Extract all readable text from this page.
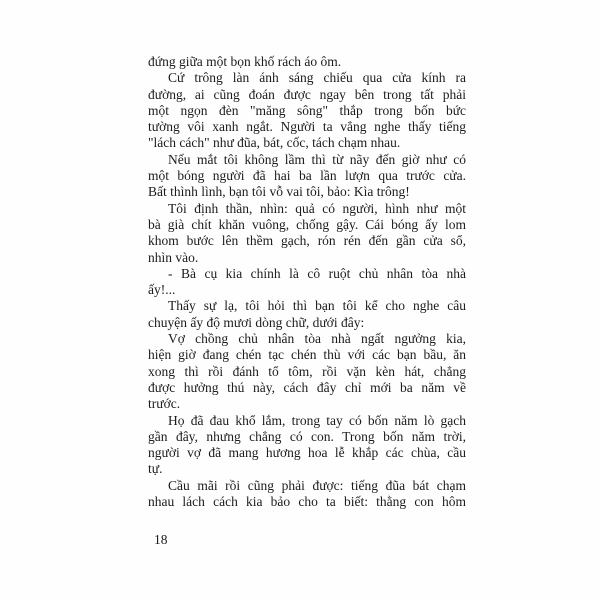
đứng giữa một bọn khố rách áo ôm.
Cứ trông làn ánh sáng chiếu qua cửa kính ra
đường, ai cũng đoán được ngay bên trong tất phải
một ngọn đèn "măng sông" thắp trong bốn bức
tường vôi xanh ngắt. Người ta vẳng nghe thấy tiếng
"lách cách" như đũa, bát, cốc, tách chạm nhau.
Nếu mắt tôi không lầm thì từ nãy đến giờ như có
một bóng người đã hai ba lần lượn qua trước cửa.
Bất thình lình, bạn tôi vỗ vai tôi, bảo: Kìa trông!
Tôi định thần, nhìn: quả có người, hình như một
bà già chít khăn vuông, chống gậy. Cái bóng ấy lom
khom bước lên thềm gạch, rón rén đến gần cửa sổ,
nhìn vào.
- Bà cụ kia chính là cô ruột chủ nhân tòa nhà
ấy!...
Thấy sự lạ, tôi hỏi thì bạn tôi kể cho nghe câu
chuyện ấy độ mươi dòng chữ, dưới đây:
Vợ chồng chủ nhân tòa nhà ngất ngưởng kia,
hiện giờ đang chén tạc chén thù với các bạn bầu, ăn
xong thì rồi đánh tổ tôm, rồi vặn kèn hát, chẳng
được hưởng thú này, cách đây chỉ mới ba năm về
trước.
Họ đã đau khổ lắm, trong tay có bốn năm lò gạch
gần đây, nhưng chẳng có con. Trong bốn năm trời,
người vợ đã mang hương hoa lễ khắp các chùa, cầu
tự.
Cầu mãi rồi cũng phải được: tiếng đũa bát chạm
nhau lách cách kia bảo cho ta biết: thằng con hôm
18
